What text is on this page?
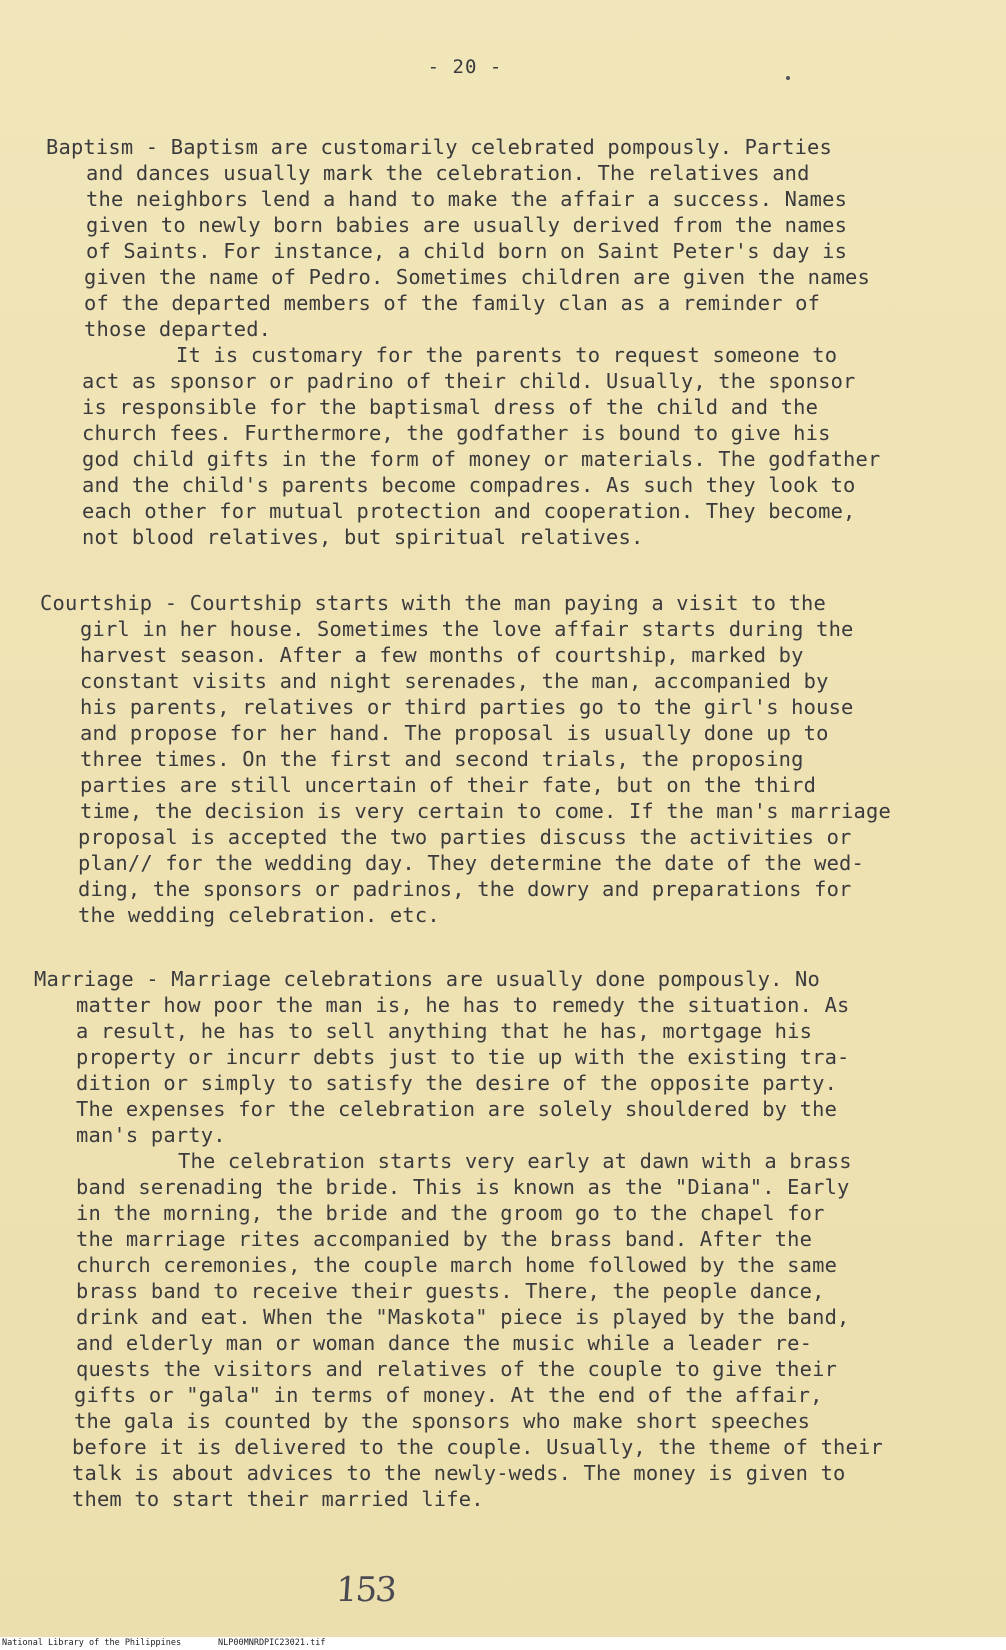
- 20 -
Baptism - Baptism are customarily celebrated pompously. Parties
and dances usually mark the celebration. The relatives and
the neighbors lend a hand to make the affair a success. Names
given to newly born babies are usually derived from the names
of Saints. For instance, a child born on Saint Peter's day is
given the name of Pedro. Sometimes children are given the names
of the departed members of the family clan as a reminder of
those departed.
It is customary for the parents to request someone to
act as sponsor or padrino of their child. Usually, the sponsor
is responsible for the baptismal dress of the child and the
church fees. Furthermore, the godfather is bound to give his
god child gifts in the form of money or materials. The godfather
and the child's parents become compadres. As such they look to
each other for mutual protection and cooperation. They become,
not blood relatives, but spiritual relatives.
Courtship - Courtship starts with the man paying a visit to the
girl in her house. Sometimes the love affair starts during the
harvest season. After a few months of courtship, marked by
constant visits and night serenades, the man, accompanied by
his parents, relatives or third parties go to the girl's house
and propose for her hand. The proposal is usually done up to
three times. On the first and second trials, the proposing
parties are still uncertain of their fate, but on the third
time, the decision is very certain to come. If the man's marriage
proposal is accepted the two parties discuss the activities or
plan// for the wedding day. They determine the date of the wed-
ding, the sponsors or padrinos, the dowry and preparations for
the wedding celebration. etc.
Marriage - Marriage celebrations are usually done pompously. No
matter how poor the man is, he has to remedy the situation. As
a result, he has to sell anything that he has, mortgage his
property or incurr debts just to tie up with the existing tra-
dition or simply to satisfy the desire of the opposite party.
The expenses for the celebration are solely shouldered by the
man's party.
The celebration starts very early at dawn with a brass
band serenading the bride. This is known as the "Diana". Early
in the morning, the bride and the groom go to the chapel for
the marriage rites accompanied by the brass band. After the
church ceremonies, the couple march home followed by the same
brass band to receive their guests. There, the people dance,
drink and eat. When the "Maskota" piece is played by the band,
and elderly man or woman dance the music while a leader re-
quests the visitors and relatives of the couple to give their
gifts or "gala" in terms of money. At the end of the affair,
the gala is counted by the sponsors who make short speeches
before it is delivered to the couple. Usually, the theme of their
talk is about advices to the newly-weds. The money is given to
them to start their married life.
153
National Library of the Philippines	NLP00MNRDPIC23021.tif
